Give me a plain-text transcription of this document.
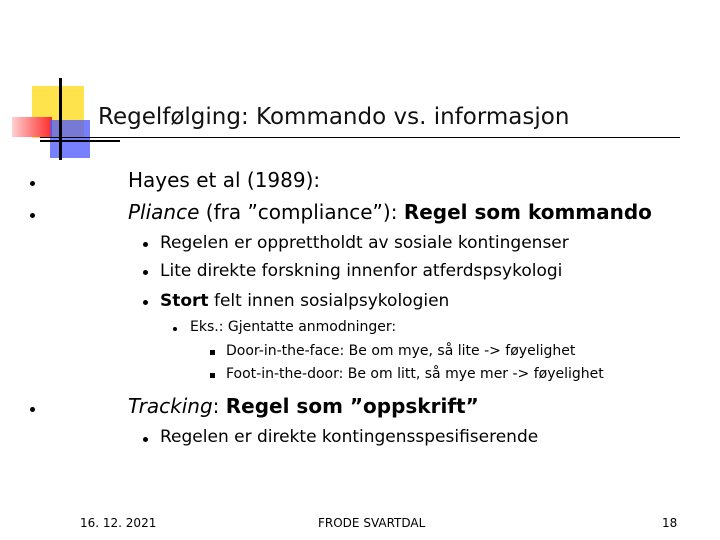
Regelfølging: Kommando vs. informasjon
Hayes et al (1989):
Pliance (fra ”compliance”): Regel som kommando
Regelen er opprettholdt av sosiale kontingenser
Lite direkte forskning innenfor atferdspsykologi
Stort felt innen sosialpsykologien
Eks.: Gjentatte anmodninger:
Door-in-the-face: Be om mye, så lite -> føyelighet
Foot-in-the-door: Be om litt, så mye mer -> føyelighet
Tracking: Regel som ”oppskrift”
Regelen er direkte kontingensspesifiserende
16. 12. 2021	FRODE SVARTDAL	18
